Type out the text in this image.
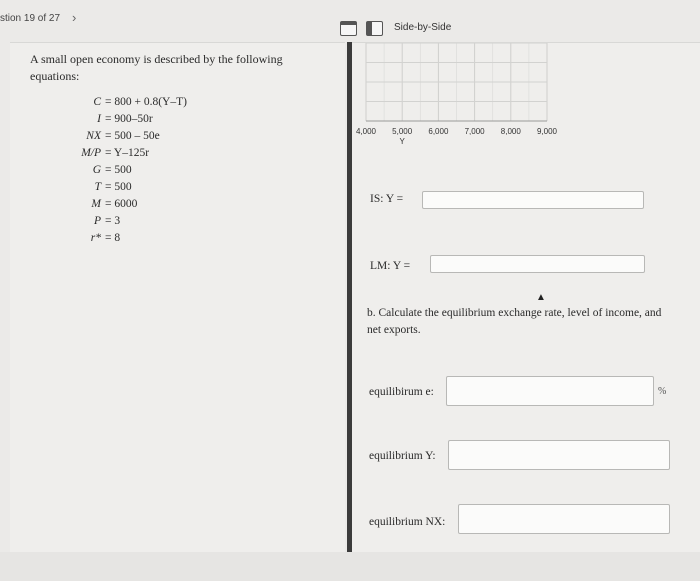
stion 19 of 27 ›
Side-by-Side
A small open economy is described by the following equations:
C = 800 + 0.8(Y–T)
I = 900–50r
NX = 500 – 50e
M/P = Y–125r
G = 500
T = 500
M = 6000
P = 3
r* = 8
4,000 5,000 6,000 7,000 8,000 9,000
Y
IS: Y =
LM: Y =
▲
b. Calculate the equilibrium exchange rate, level of income, and net exports.
equilibirum e:	%
equilibrium Y:
equilibrium NX:
